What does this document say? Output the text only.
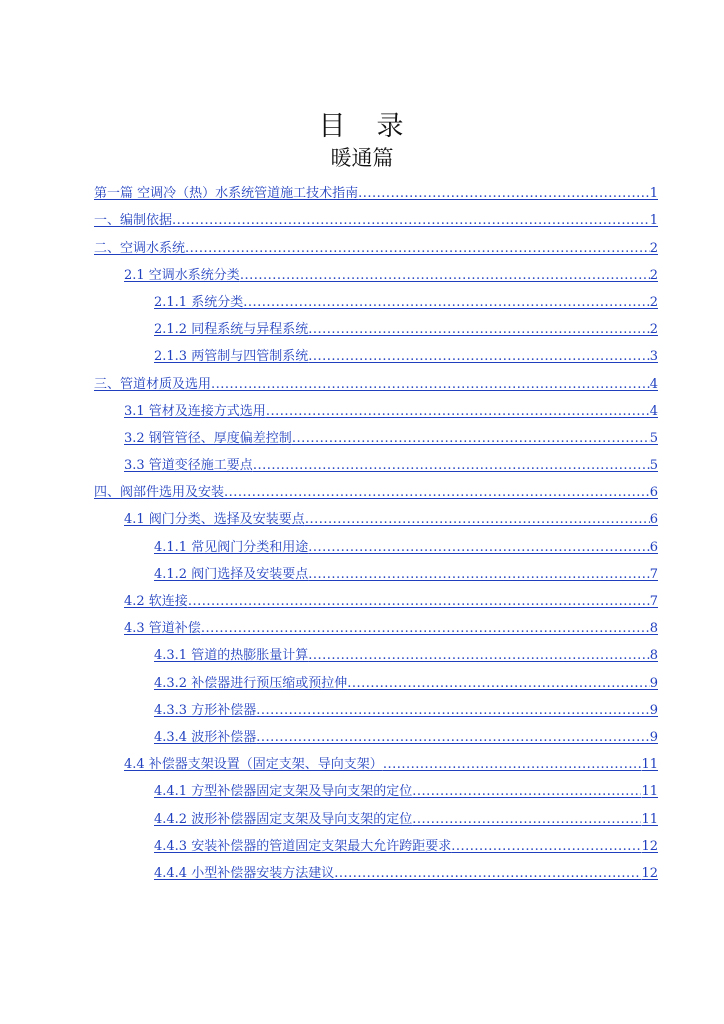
目　录
暖通篇
第一篇 空调冷（热）水系统管道施工技术指南 .....	1
一、编制依据 .....	1
二、空调水系统 .....	2
2.1 空调水系统分类 .....	2
2.1.1 系统分类 .....	2
2.1.2 同程系统与异程系统 .....	2
2.1.3 两管制与四管制系统 .....	3
三、管道材质及选用 .....	4
3.1 管材及连接方式选用 .....	4
3.2 钢管管径、厚度偏差控制 .....	5
3.3 管道变径施工要点 .....	5
四、阀部件选用及安装 .....	6
4.1 阀门分类、选择及安装要点 .....	6
4.1.1 常见阀门分类和用途 .....	6
4.1.2 阀门选择及安装要点 .....	7
4.2 软连接 .....	7
4.3 管道补偿 .....	8
4.3.1 管道的热膨胀量计算 .....	8
4.3.2 补偿器进行预压缩或预拉伸 .....	9
4.3.3 方形补偿器 .....	9
4.3.4 波形补偿器 .....	9
4.4 补偿器支架设置（固定支架、导向支架） .....	11
4.4.1 方型补偿器固定支架及导向支架的定位 .....	11
4.4.2 波形补偿器固定支架及导向支架的定位 .....	11
4.4.3 安装补偿器的管道固定支架最大允许跨距要求 .....	12
4.4.4 小型补偿器安装方法建议 .....	12
